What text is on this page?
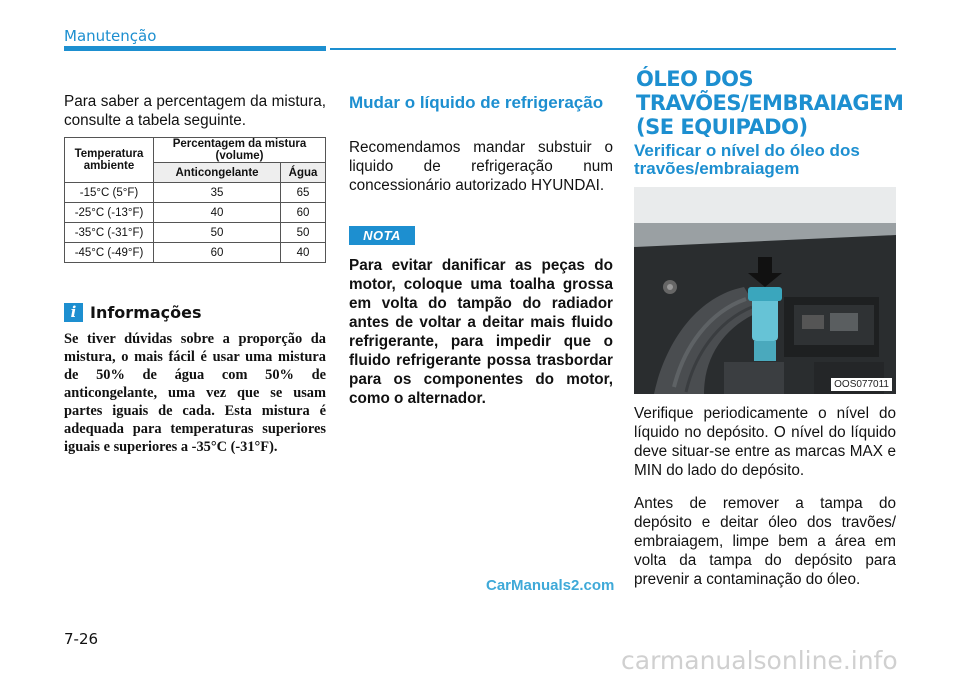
Manutenção
Para saber a percentagem da mistura, consulte a tabela seguinte.
Temperatura ambiente	Percentagem da mistura (volume)	
	Anticongelante	Água
-15°C (5°F)	35	65
-25°C (-13°F)	40	60
-35°C (-31°F)	50	50
-45°C (-49°F)	60	40
i Informações
Se tiver dúvidas sobre a proporção da mistura, o mais fácil é usar uma mistura de 50% de água com 50% de anticongelante, uma vez que se usam partes iguais de cada. Esta mistura é adequada para temperaturas superiores iguais e superiores a -35°C (-31°F).
Mudar o líquido de refrigeração
Recomendamos mandar substuir o liquido de refrigeração num concessionário autorizado HYUNDAI.
NOTA
Para evitar danificar as peças do motor, coloque uma toalha grossa em volta do tampão do radiador antes de voltar a deitar mais fluido refrigerante, para impedir que o fluido refrigerante possa trasbordar para os componentes do motor, como o alternador.
ÓLEO DOS
TRAVÕES/EMBRAIAGEM
(SE EQUIPADO)
Verificar o nível do óleo dos travões/embraiagem
OOS077011
Verifique periodicamente o nível do líquido no depósito. O nível do líquido deve situar-se entre as marcas MAX e MIN do lado do depósito.
Antes de remover a tampa do depósito e deitar óleo dos travões/ embraiagem, limpe bem a área em volta da tampa do depósito para prevenir a contaminação do óleo.
CarManuals2.com
carmanualsonline.info
7-26
